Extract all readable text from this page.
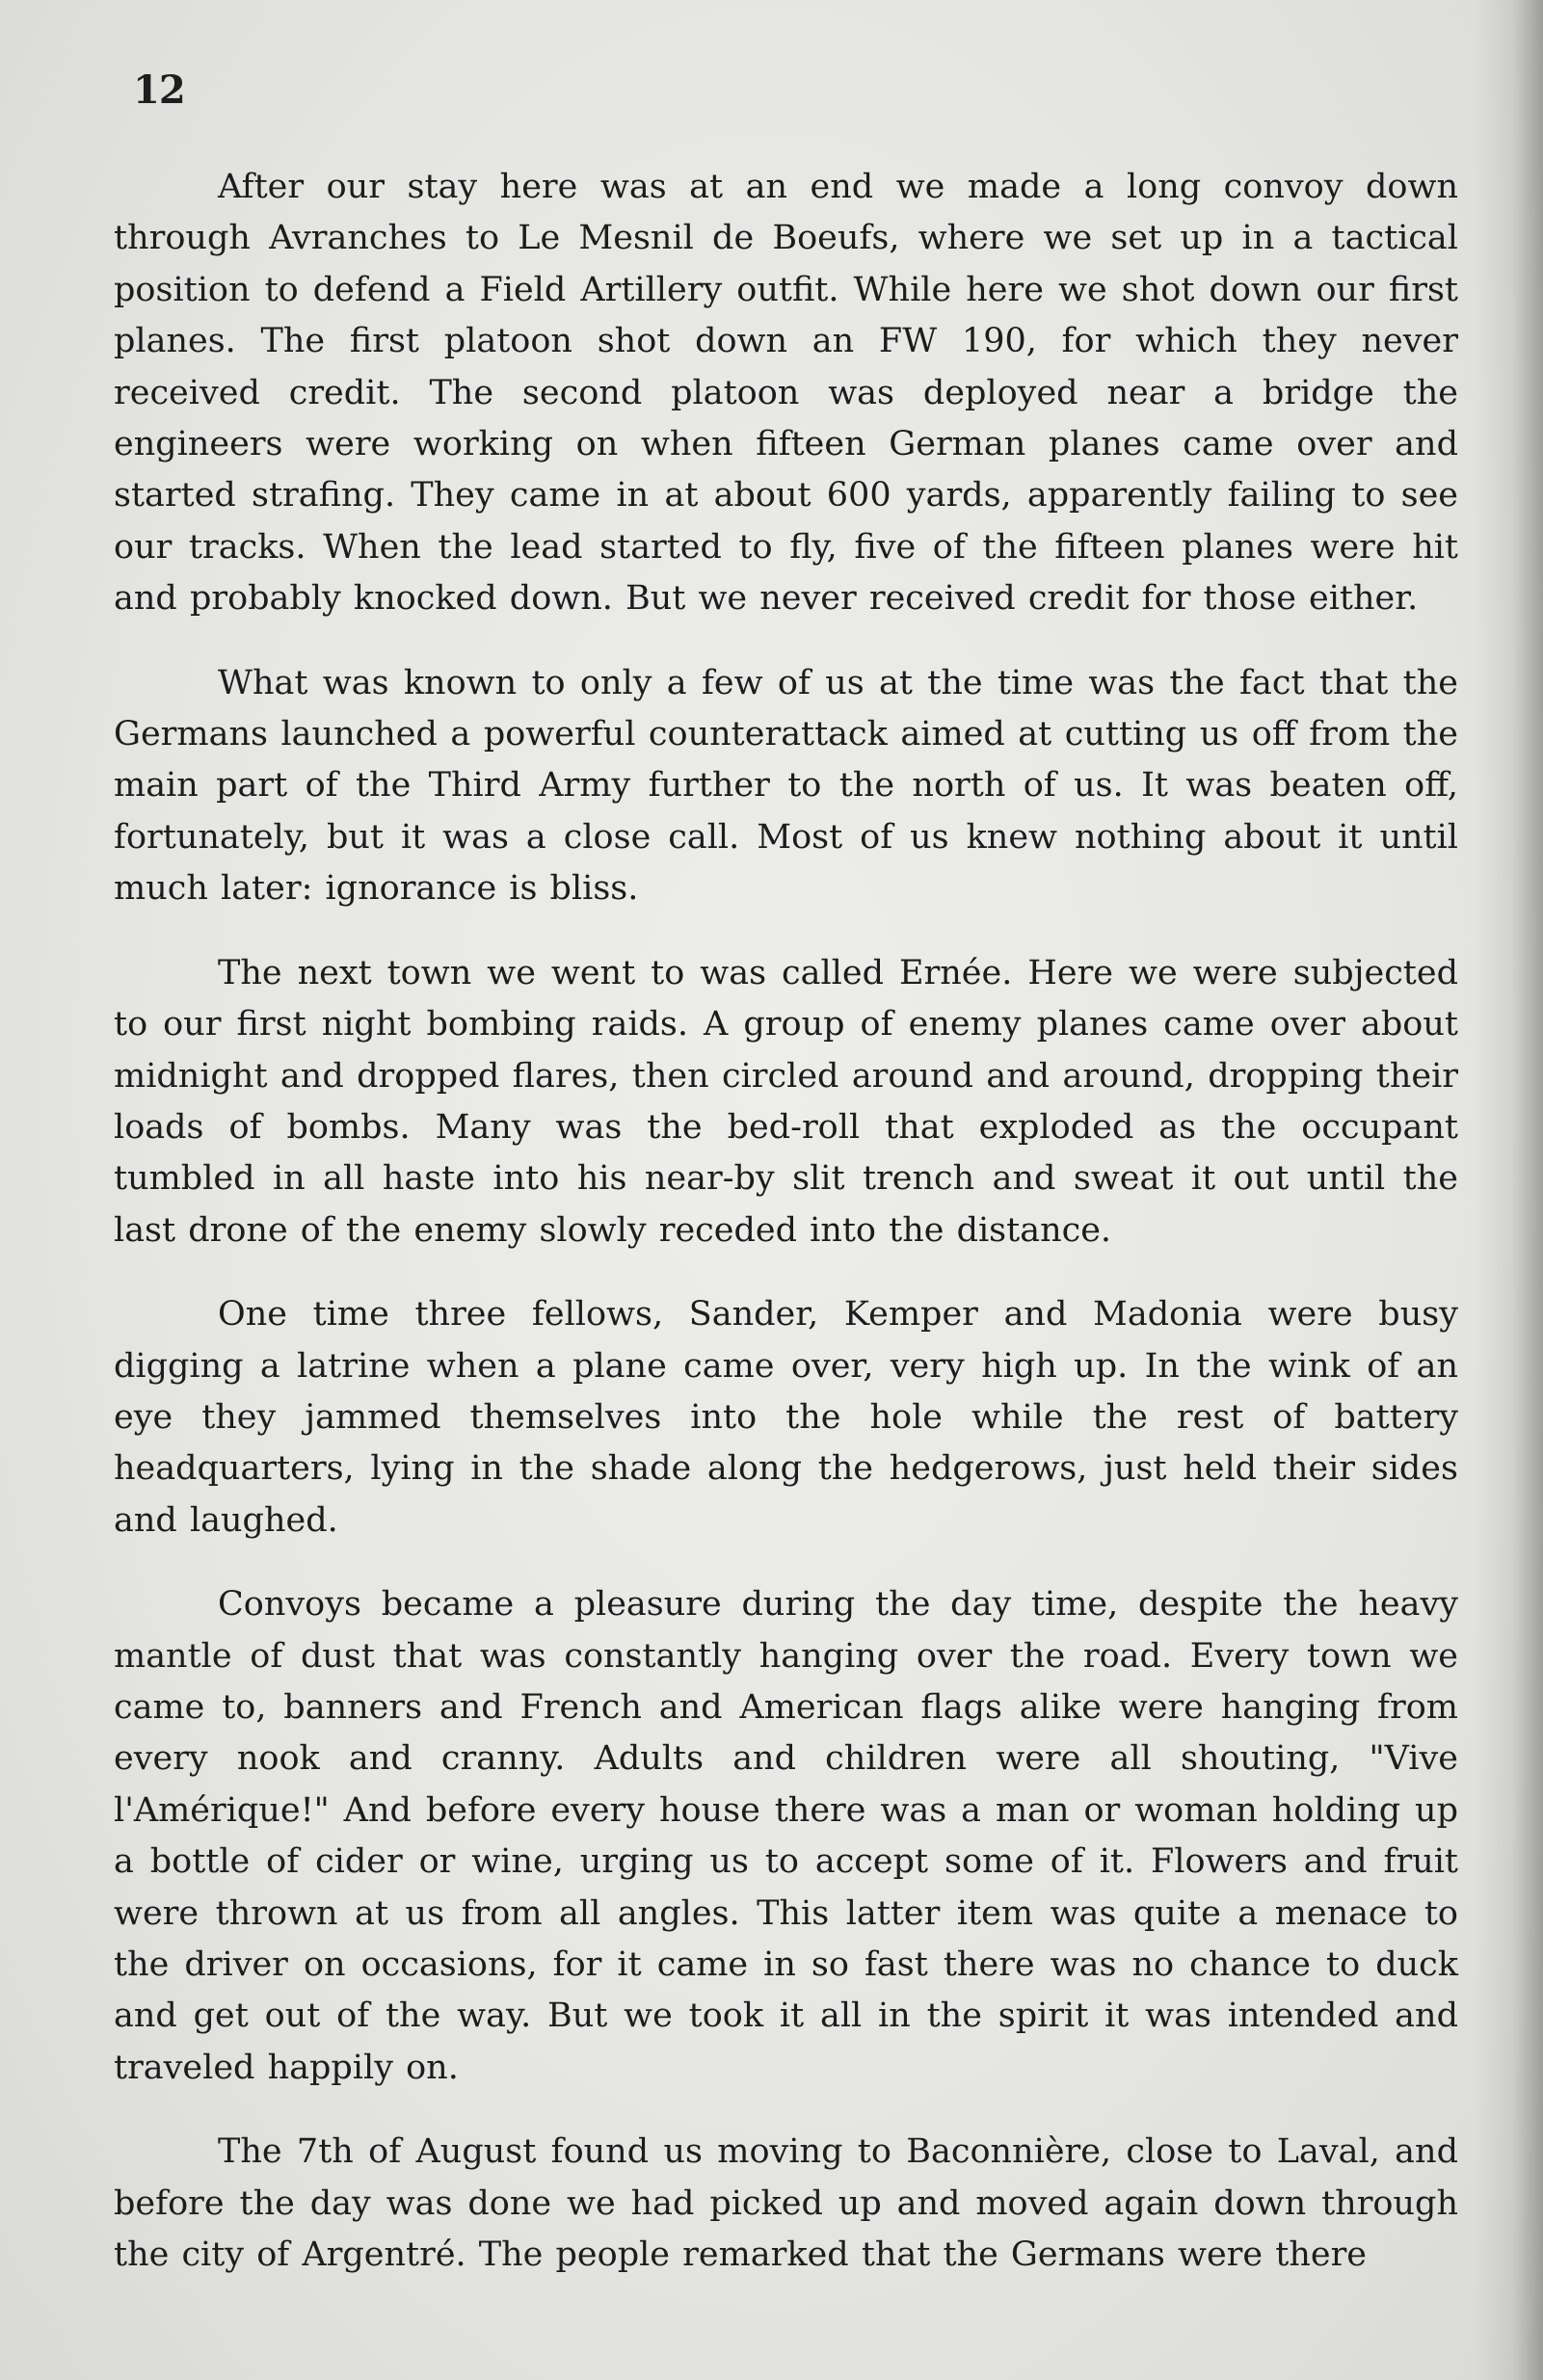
12

After our stay here was at an end we made a long convoy down through Avranches to Le Mesnil de Boeufs, where we set up in a tactical position to defend a Field Artillery outfit. While here we shot down our first planes. The first platoon shot down an FW 190, for which they never received credit. The second platoon was deployed near a bridge the engineers were working on when fifteen German planes came over and started strafing. They came in at about 600 yards, apparently failing to see our tracks. When the lead started to fly, five of the fifteen planes were hit and probably knocked down. But we never received credit for those either.

What was known to only a few of us at the time was the fact that the Germans launched a powerful counterattack aimed at cutting us off from the main part of the Third Army further to the north of us. It was beaten off, fortunately, but it was a close call. Most of us knew nothing about it until much later: ignorance is bliss.

The next town we went to was called Ernée. Here we were subjected to our first night bombing raids. A group of enemy planes came over about midnight and dropped flares, then circled around and around, dropping their loads of bombs. Many was the bed-roll that exploded as the occupant tumbled in all haste into his near-by slit trench and sweat it out until the last drone of the enemy slowly receded into the distance.

One time three fellows, Sander, Kemper and Madonia were busy digging a latrine when a plane came over, very high up. In the wink of an eye they jammed themselves into the hole while the rest of battery headquarters, lying in the shade along the hedgerows, just held their sides and laughed.

Convoys became a pleasure during the day time, despite the heavy mantle of dust that was constantly hanging over the road. Every town we came to, banners and French and American flags alike were hanging from every nook and cranny. Adults and children were all shouting, "Vive l'Amérique!" And before every house there was a man or woman holding up a bottle of cider or wine, urging us to accept some of it. Flowers and fruit were thrown at us from all angles. This latter item was quite a menace to the driver on occasions, for it came in so fast there was no chance to duck and get out of the way. But we took it all in the spirit it was intended and traveled happily on.

The 7th of August found us moving to Baconnière, close to Laval, and before the day was done we had picked up and moved again down through the city of Argentré. The people remarked that the Germans were there
